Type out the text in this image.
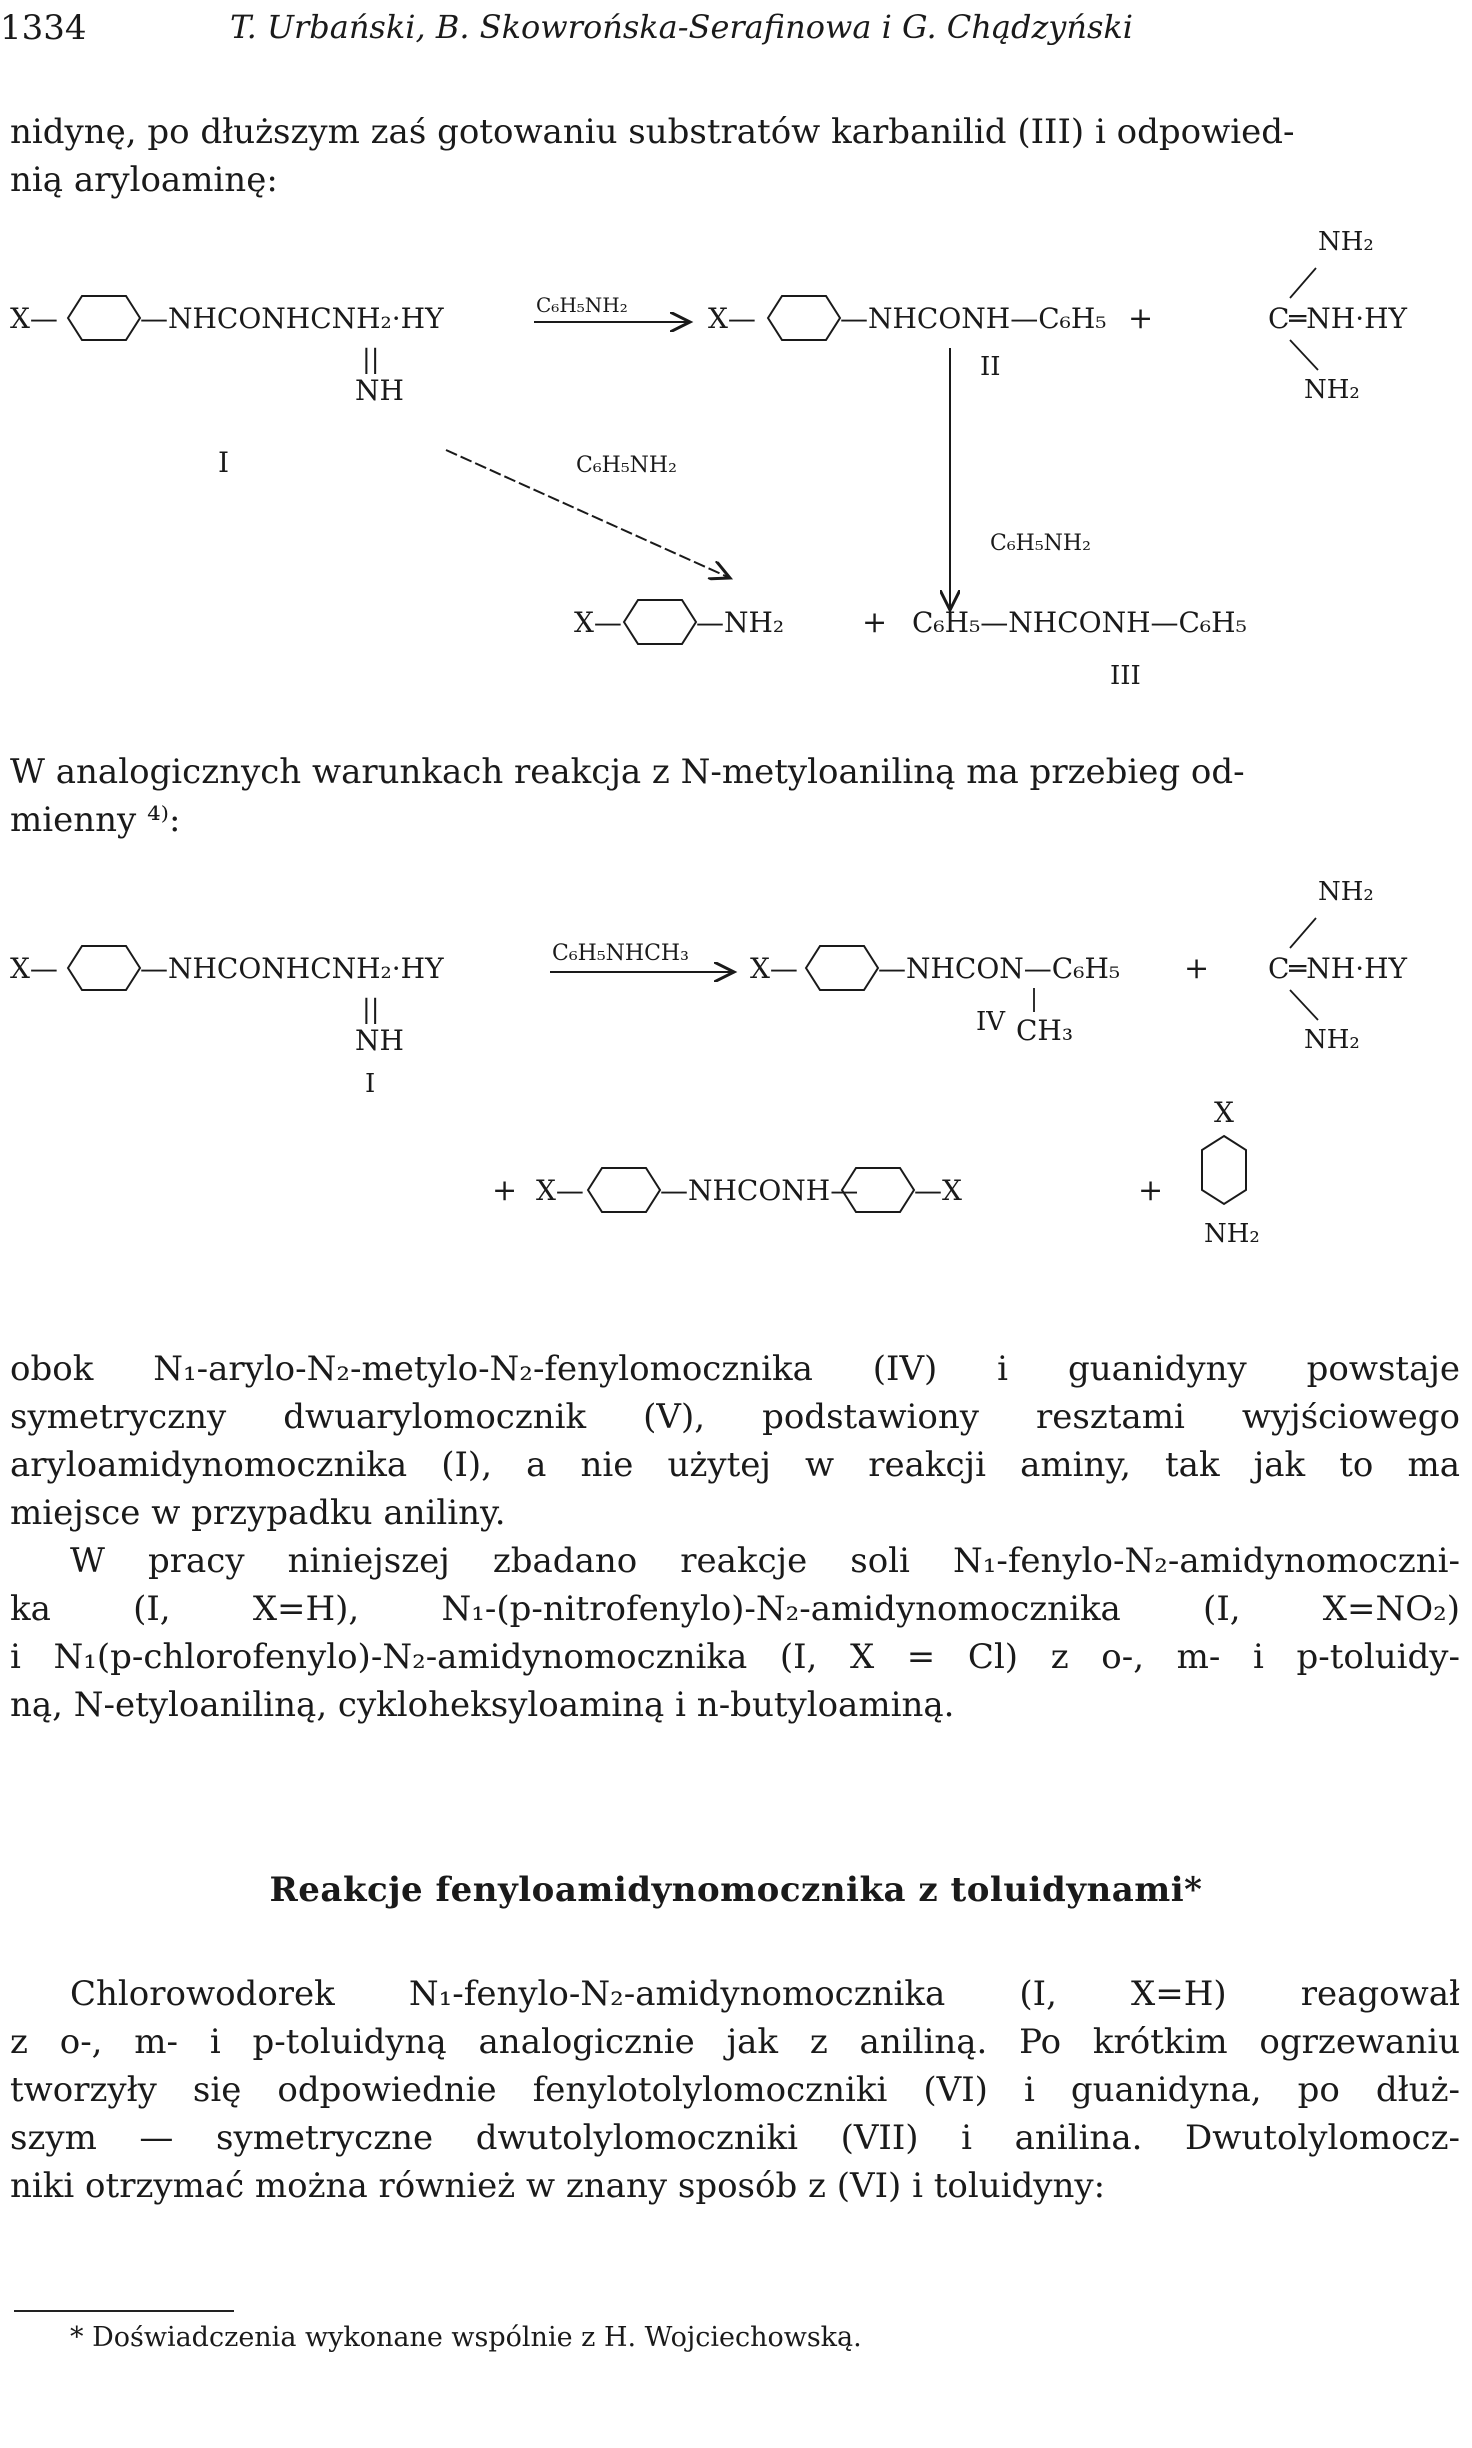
1334	T. Urbański, B. Skowrońska-Serafinowa i G. Chądzyński
nidynę, po dłuższym zaś gotowaniu substratów karbanilid (III) i odpowied-
nią aryloaminę:
X—	—NHCONHCNH₂·HY
||
NH
C₆H₅NH₂	X—	—NHCONH—C₆H₅ +
NH₂
C═NH·HY
NH₂
II
I	C₆H₅NH₂
C₆H₅NH₂
X—	—NH₂	+ C₆H₅—NHCONH—C₆H₅
III
W analogicznych warunkach reakcja z N-metyloaniliną ma przebieg od-
mienny ⁴⁾:
X—	—NHCONHCNH₂·HY
||
NH
I
C₆H₅NHCH₃ X—	—NHCON—C₆H₅
IV CH₃
+
NH₂
C═NH·HY
NH₂
+ X—	—NHCONH— —X	+
X
NH₂
obok N₁-arylo-N₂-metylo-N₂-fenylomocznika (IV) i guanidyny powstaje
symetryczny dwuarylomocznik (V), podstawiony resztami wyjściowego
aryloamidynomocznika (I), a nie użytej w reakcji aminy, tak jak to ma
miejsce w przypadku aniliny.
W pracy niniejszej zbadano reakcje soli N₁-fenylo-N₂-amidynomoczni-
ka (I, X=H), N₁-(p-nitrofenylo)-N₂-amidynomocznika (I, X=NO₂)
i N₁(p-chlorofenylo)-N₂-amidynomocznika (I, X = Cl) z o-, m- i p-toluidy-
ną, N-etyloaniliną, cykloheksyloaminą i n-butyloaminą.
Reakcje fenyloamidynomocznika z toluidynami*
Chlorowodorek N₁-fenylo-N₂-amidynomocznika (I, X=H) reagował
z o-, m- i p-toluidyną analogicznie jak z aniliną. Po krótkim ogrzewaniu
tworzyły się odpowiednie fenylotolylomoczniki (VI) i guanidyna, po dłuż-
szym — symetryczne dwutolylomoczniki (VII) i anilina. Dwutolylomocz-
niki otrzymać można również w znany sposób z (VI) i toluidyny:
* Doświadczenia wykonane wspólnie z H. Wojciechowską.
